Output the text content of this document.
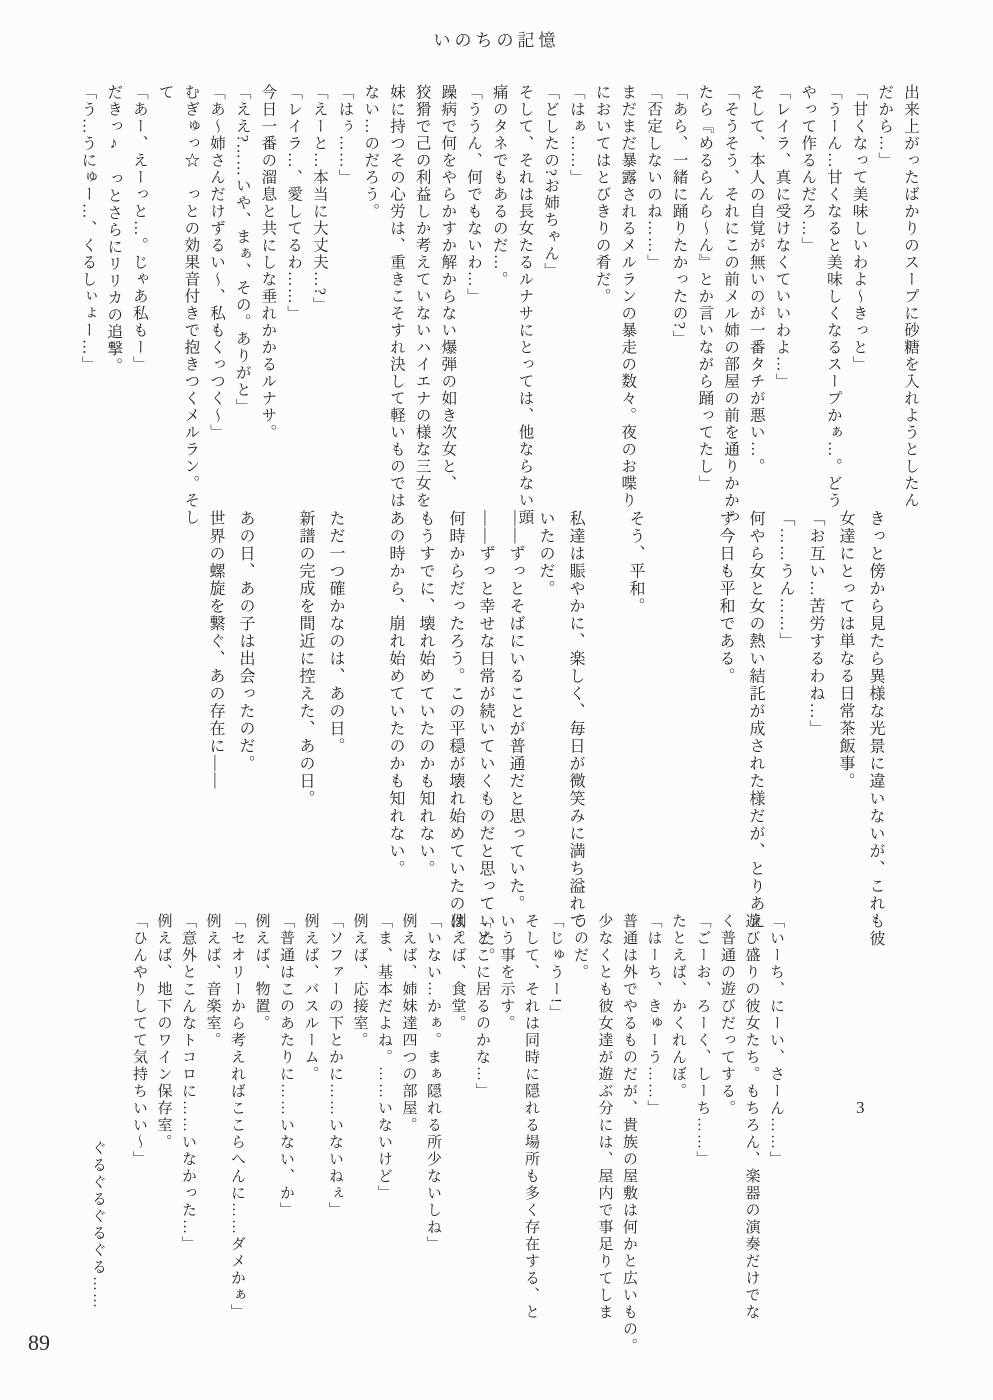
いのちの記憶
出来上がったばかりのスープに砂糖を入れようとしたん
だから…」
「甘くなって美味しいわよ〜きっと」
「うーん…甘くなると美味しくなるスープかぁ…。どう
やって作るんだろ…」
「レイラ、真に受けなくていいわよ…」
そして、本人の自覚が無いのが一番タチが悪い…。
「そうそう、それにこの前メル姉の部屋の前を通りかかっ
たら『めるらんら〜ん』とか言いながら踊ってたし」
「あら、一緒に踊りたかったの?」
「否定しないのね……」
まだまだ暴露されるメルランの暴走の数々。夜のお喋り
においてはとびきりの肴だ。
「はぁ……」
「どしたの?お姉ちゃん」
そして、それは長女たるルナサにとっては、他ならない頭
痛のタネでもあるのだ…。
「ううん、何でもないわ…」
躁病で何をやらかすか解からない爆弾の如き次女と、
狡猾で己の利益しか考えていないハイエナの様な三女を
妹に持つその心労は、重きこそすれ決して軽いものでは
ない…のだろう。
「はぅ……」
「えーと…本当に大丈夫…?」
「レイラ…、愛してるわ……」
今日一番の溜息と共にしな垂れかかるルナサ。
「ええ?……いや、まぁ、その。ありがと」
「あ〜姉さんだけずるい〜、私もくっつく〜」
むぎゅっ☆　っとの効果音付きで抱きつくメルラン。そし
て
「あー、えーっと…。じゃあ私もー」
だきっ♪　っとさらにリリカの追撃。
「う…うにゅー…、くるしぃょー…」
きっと傍から見たら異様な光景に違いないが、これも彼
女達にとっては単なる日常茶飯事。
「お互い…苦労するわね…」
「……うん……」
何やら女と女の熱い結託が成された様だが、とりあえ
ず今日も平和である。

そう、平和。

私達は賑やかに、楽しく、毎日が微笑みに満ち溢れて
いたのだ。
――ずっとそばにいることが普通だと思っていた。
――ずっと幸せな日常が続いていくものだと思っていた。
何時からだったろう。この平穏が壊れ始めていたのは。
もうすでに、壊れ始めていたのかも知れない。
あの時から、崩れ始めていたのかも知れない。

ただ一つ確かなのは、あの日。
新譜の完成を間近に控えた、あの日。

あの日、あの子は出会ったのだ。
世界の螺旋を繋ぐ、あの存在に――
「いーち、にーい、さーん……」
遊び盛りの彼女たち。もちろん、楽器の演奏だけでな
く普通の遊びだってする。
「ごーお、ろーく、しーち……」
たとえば、かくれんぼ。
「はーち、きゅーう……」
普通は外でやるものだが、貴族の屋敷は何かと広いもの。
少なくとも彼女達が遊ぶ分には、屋内で事足りてしま
うのだ。
「じゅうー!」
そして、それは同時に隠れる場所も多く存在する、と
いう事を示す。
「どこに居るのかな…」
例えば、食堂。
「いない…かぁ。まぁ隠れる所少ないしね」
例えば、姉妹達四つの部屋。
「ま、基本だよね。……いないけど」
例えば、応接室。
「ソファーの下とかに……いないねぇ」
例えば、バスルーム。
「普通はこのあたりに……いない、か」
例えば、物置。
「セオリーから考えればここらへんに……ダメかぁ」
例えば、音楽室。
「意外とこんなトコロに……いなかった…」
例えば、地下のワイン保存室。
「ひんやりしてて気持ちいい〜」
ぐるぐるぐるぐる……
3
89
